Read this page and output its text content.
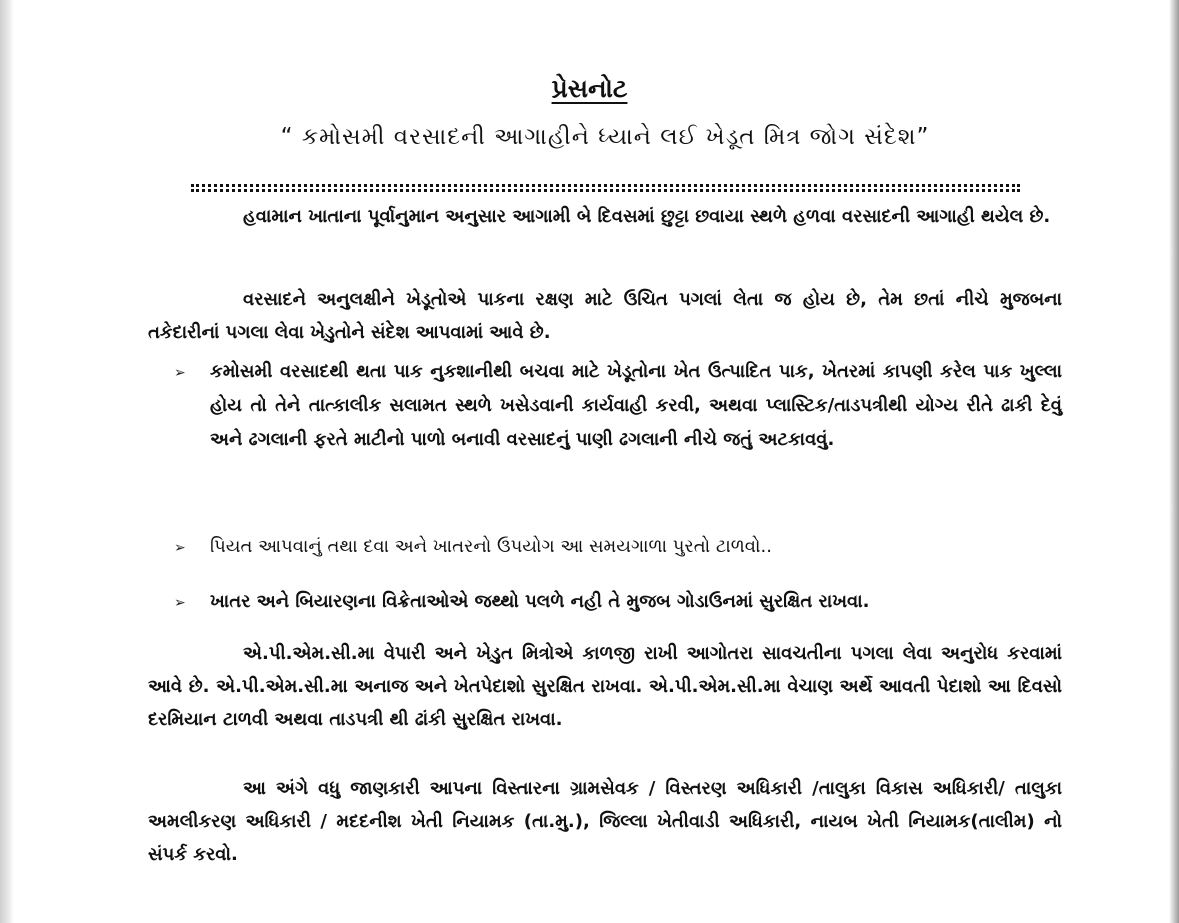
પ્રેસનોટ
“ કમોસમી વરસાદની આગાહીને ધ્યાને લઈ ખેડૂત મિત્ર જોગ સંદેશ”
હવામાન ખાતાના પૂર્વાનુમાન અનુસાર આગામી બે દિવસમાં છુટ્ટા છવાયા સ્થળે હળવા વરસાદની આગાહી થયેલ છે.
વરસાદને અનુલક્ષીને ખેડૂતોએ પાકના રક્ષણ માટે ઉચિત પગલાં લેતા જ હોય છે, તેમ છતાં નીચે મુજબના તકેદારીનાં પગલા લેવા ખેડુતોને સંદેશ આપવામાં આવે છે.
➢	કમોસમી વરસાદથી થતા પાક નુકશાનીથી બચવા માટે ખેડૂતોના ખેત ઉત્પાદિત પાક, ખેતરમાં કાપણી કરેલ પાક ખુલ્લા હોય તો તેને તાત્કાલીક સલામત સ્થળે ખસેડવાની કાર્યવાહી કરવી, અથવા પ્લાસ્ટિક/તાડપત્રીથી યોગ્ય રીતે ઢાકી દેવું અને ઢગલાની ફરતે માટીનો પાળો બનાવી વરસાદનું પાણી ઢગલાની નીચે જતું અટકાવવું.
➢	પિયત આપવાનું તથા દવા અને ખાતરનો ઉપયોગ આ સમયગાળા પુરતો ટાળવો..
➢	ખાતર અને બિયારણના વિક્રેતાઓએ જથ્થો પલળે નહી તે મુજબ ગોડાઉનમાં સુરક્ષિત રાખવા.
એ.પી.એમ.સી.મા વેપારી અને ખેડુત મિત્રોએ કાળજી રાખી આગોતરા સાવચતીના પગલા લેવા અનુરોધ કરવામાં આવે છે. એ.પી.એમ.સી.મા અનાજ અને ખેતપેદાશો સુરક્ષિત રાખવા. એ.પી.એમ.સી.મા વેચાણ અર્થે આવતી પેદાશો આ દિવસો દરમિયાન ટાળવી અથવા તાડપત્રી થી ઢાંકી સુરક્ષિત રાખવા.
આ અંગે વધુ જાણકારી આપના વિસ્તારના ગ્રામસેવક / વિસ્તરણ અધિકારી /તાલુકા વિકાસ અધિકારી/ તાલુકા અમલીકરણ અધિકારી / મદદનીશ ખેતી નિયામક (તા.મુ.), જિલ્લા ખેતીવાડી અધિકારી, નાયબ ખેતી નિયામક(તાલીમ) નો સંપર્ક કરવો.
